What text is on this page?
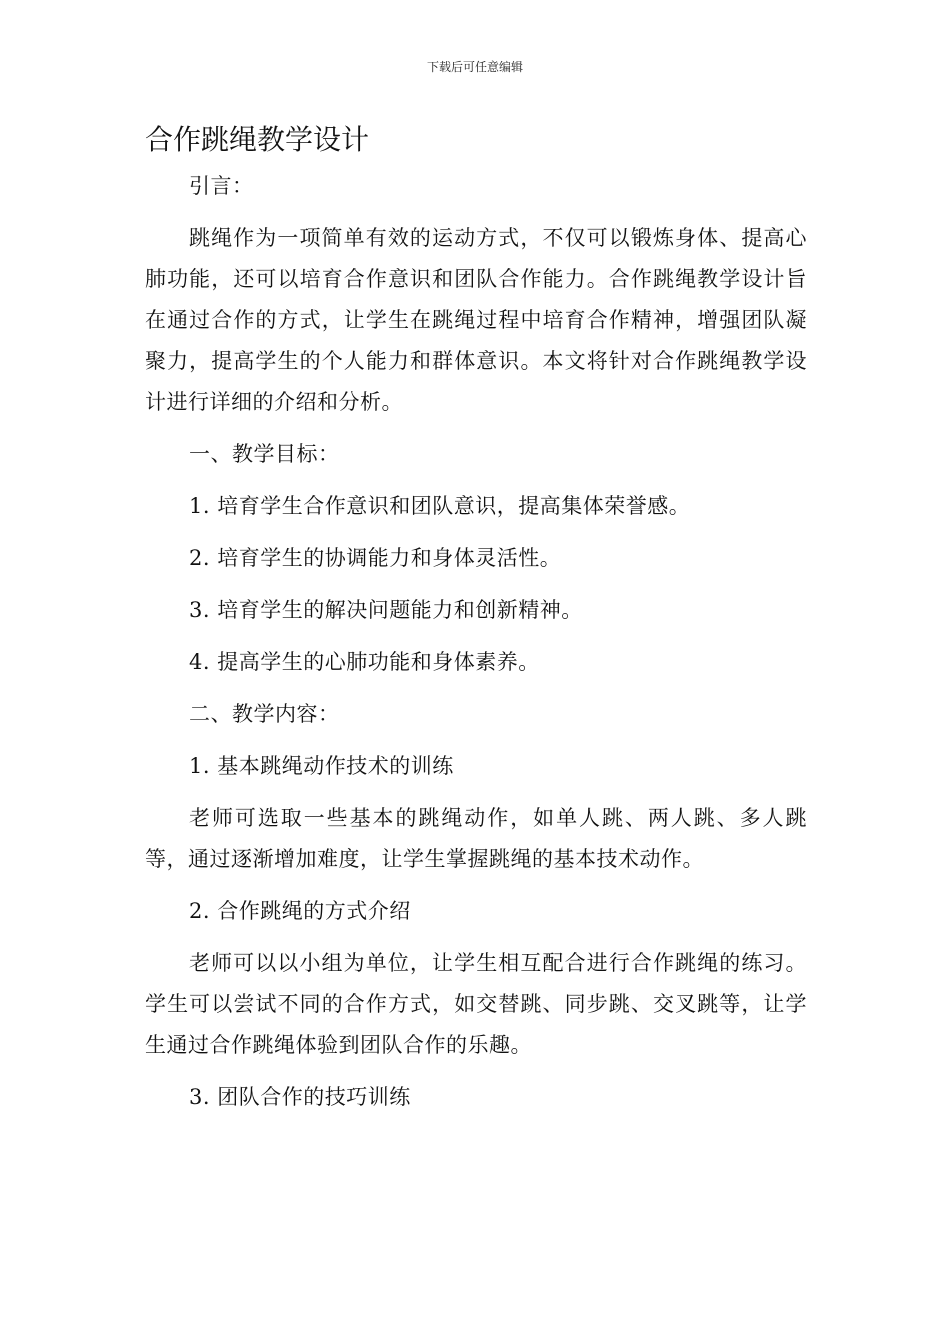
下载后可任意编辑
合作跳绳教学设计

引言：

跳绳作为一项简单有效的运动方式，不仅可以锻炼身体、提高心肺功能，还可以培育合作意识和团队合作能力。合作跳绳教学设计旨在通过合作的方式，让学生在跳绳过程中培育合作精神，增强团队凝聚力，提高学生的个人能力和群体意识。本文将针对合作跳绳教学设计进行详细的介绍和分析。

一、教学目标：

1. 培育学生合作意识和团队意识，提高集体荣誉感。

2. 培育学生的协调能力和身体灵活性。

3. 培育学生的解决问题能力和创新精神。

4. 提高学生的心肺功能和身体素养。

二、教学内容：

1. 基本跳绳动作技术的训练

老师可选取一些基本的跳绳动作，如单人跳、两人跳、多人跳等，通过逐渐增加难度，让学生掌握跳绳的基本技术动作。

2. 合作跳绳的方式介绍

老师可以以小组为单位，让学生相互配合进行合作跳绳的练习。学生可以尝试不同的合作方式，如交替跳、同步跳、交叉跳等，让学生通过合作跳绳体验到团队合作的乐趣。

3. 团队合作的技巧训练
